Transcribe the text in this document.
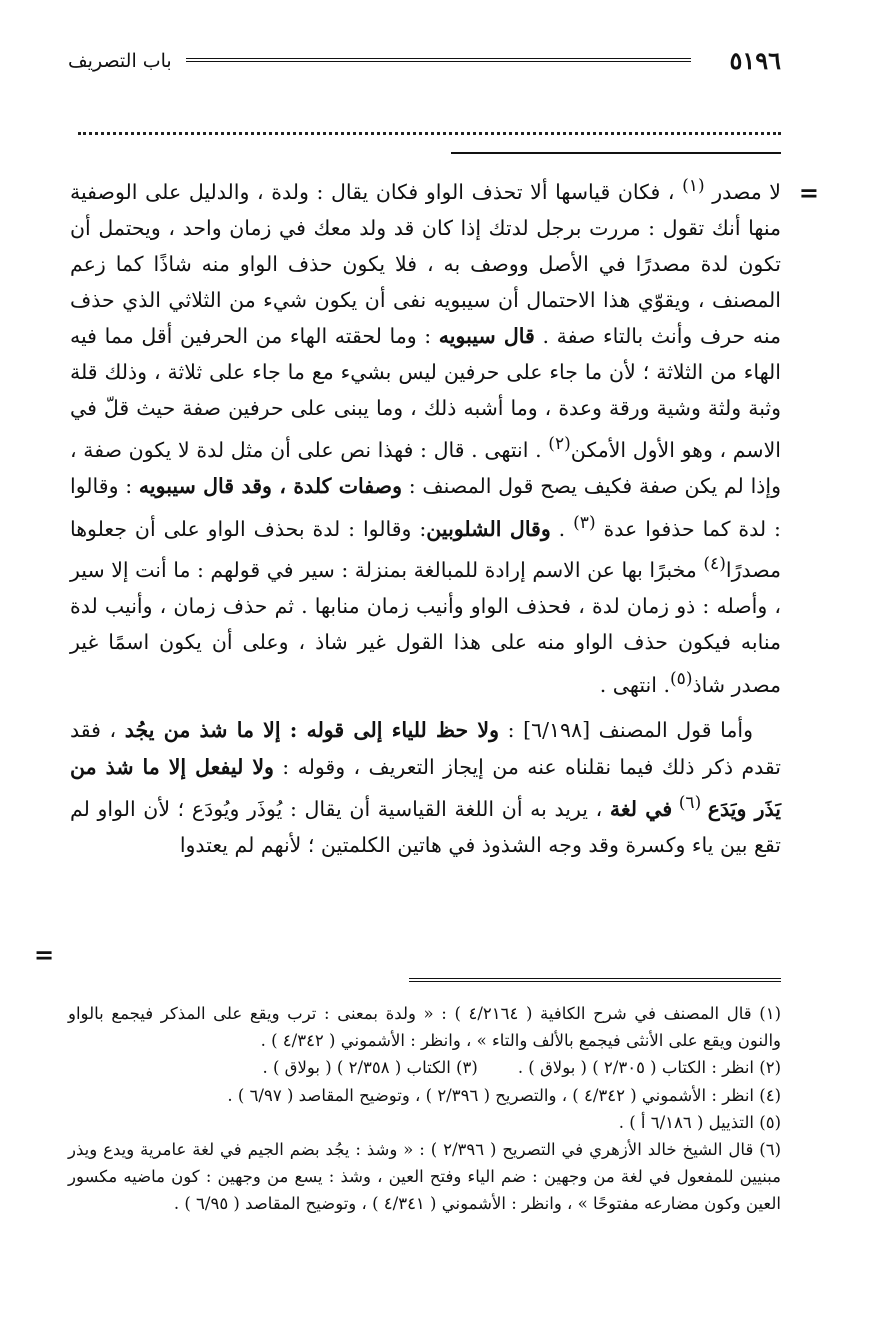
٥١٩٦
باب التصريف
=

لا مصدر $^{(١)}$ ، فكان قياسها ألا تحذف الواو فكان يقال : ولدة ، والدليل على الوصفية منها أنك تقول : مررت برجل لدتك إذا كان قد ولد معك في زمان واحد ، ويحتمل أن تكون لدة مصدرًا في الأصل ووصف به ، فلا يكون حذف الواو منه شاذًا كما زعم المصنف ، ويقوّي هذا الاحتمال أن سيبويه نفى أن يكون شيء من الثلاثي الذي حذف منه حرف وأنث بالتاء صفة . قال سيبويه : وما لحقته الهاء من الحرفين أقل مما فيه الهاء من الثلاثة ؛ لأن ما جاء على حرفين ليس بشيء مع ما جاء على ثلاثة ، وذلك قلة وثبة ولثة وشية ورقة وعدة ، وما أشبه ذلك ، وما يبنى على حرفين صفة حيث قلّ في الاسم ، وهو الأول الأمكن$^{(٢)}$ . انتهى . قال : فهذا نص على أن مثل لدة لا يكون صفة ، وإذا لم يكن صفة فكيف يصح قول المصنف : وصفات كلدة ، وقد قال سيبويه : وقالوا : لدة كما حذفوا عدة $^{(٣)}$ . وقال الشلوبين: وقالوا : لدة بحذف الواو على أن جعلوها مصدرًا$^{(٤)}$ مخبرًا بها عن الاسم إرادة للمبالغة بمنزلة : سير في قولهم : ما أنت إلا سير ، وأصله : ذو زمان لدة ، فحذف الواو وأنيب زمان منابها . ثم حذف زمان ، وأنيب لدة منابه فيكون حذف الواو منه على هذا القول غير شاذ ، وعلى أن يكون اسمًا غير مصدر شاذ$^{(٥)}$. انتهى .

وأما قول المصنف [٦/١٩٨] : ولا حظ للياء إلى قوله : إلا ما شذ من يجُد ، فقد تقدم ذكر ذلك فيما نقلناه عنه من إيجاز التعريف ، وقوله : ولا ليفعل إلا ما شذ من يَذَر ويَدَع $^{(٦)}$ في لغة ، يريد به أن اللغة القياسية أن يقال : يُوذَر ويُودَع ؛ لأن الواو لم تقع بين ياء وكسرة وقد وجه الشذوذ في هاتين الكلمتين ؛ لأنهم لم يعتدوا

=

(١) قال المصنف في شرح الكافية ( ٤/٢١٦٤ ) : « ولدة بمعنى : ترب ويقع على المذكر فيجمع بالواو والنون ويقع على الأنثى فيجمع بالألف والتاء » ، وانظر : الأشموني ( ٤/٣٤٢ ) .

(٢) انظر : الكتاب ( ٢/٣٠٥ ) ( بولاق ) .
(٣) الكتاب ( ٢/٣٥٨ ) ( بولاق ) .

(٤) انظر : الأشموني ( ٤/٣٤٢ ) ، والتصريح ( ٢/٣٩٦ ) ، وتوضيح المقاصد ( ٦/٩٧ ) .

(٥) التذييل ( ٦/١٨٦ أ ) .

(٦) قال الشيخ خالد الأزهري في التصريح ( ٢/٣٩٦ ) : « وشذ : يجُد بضم الجيم في لغة عامرية ويدع ويذر مبنيين للمفعول في لغة من وجهين : ضم الياء وفتح العين ، وشذ : يسع من وجهين : كون ماضيه مكسور العين وكون مضارعه مفتوحًا » ، وانظر : الأشموني ( ٤/٣٤١ ) ، وتوضيح المقاصد ( ٦/٩٥ ) .
